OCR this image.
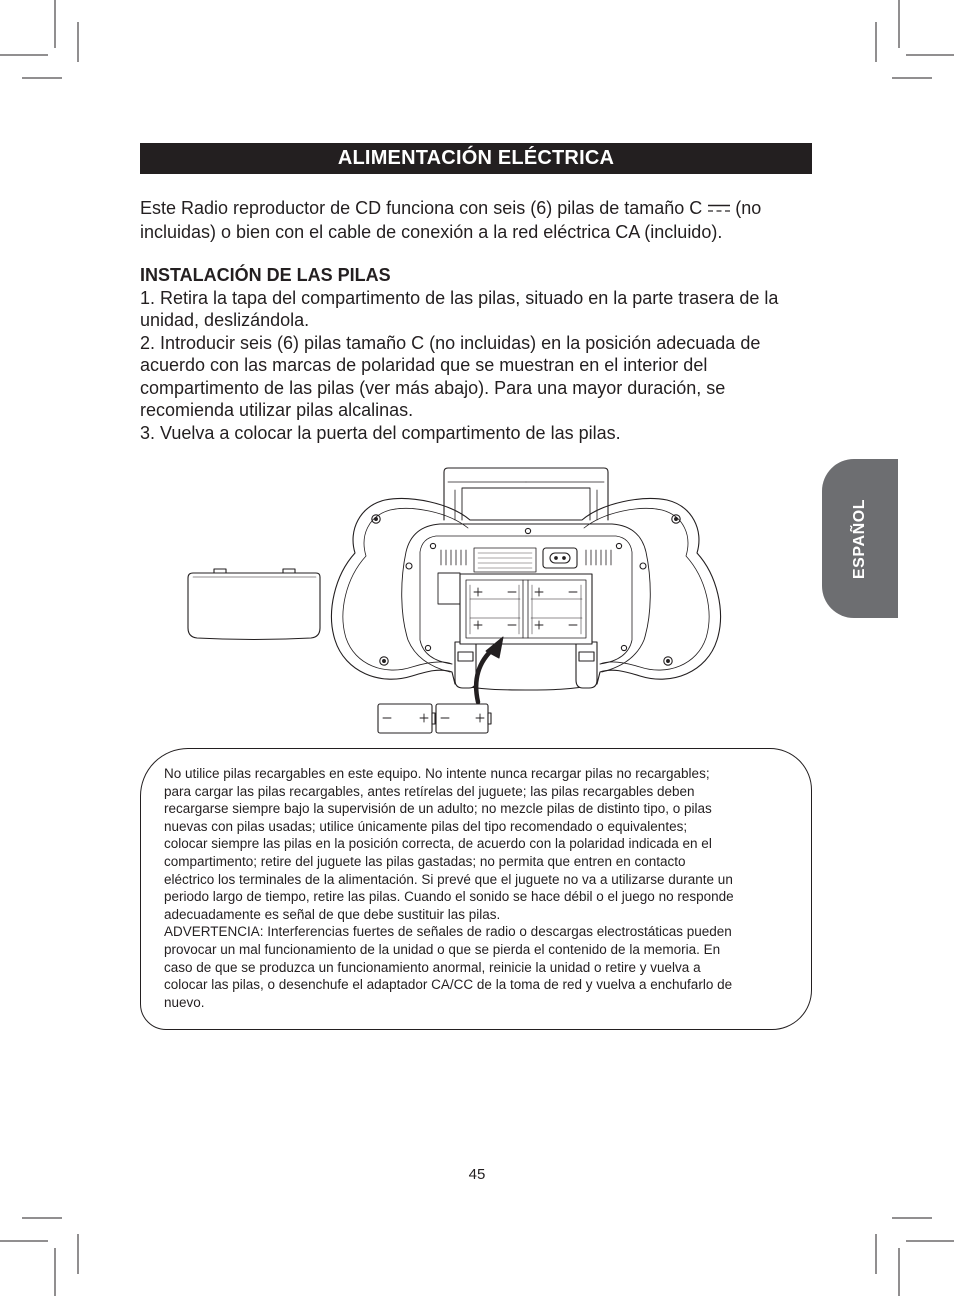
ALIMENTACIÓN ELÉCTRICA
Este Radio reproductor de CD funciona con seis (6) pilas de tamaño C (no
incluidas) o bien con el cable de conexión a la red eléctrica CA (incluido).
INSTALACIÓN DE LAS PILAS
1. Retira la tapa del compartimento de las pilas, situado en la parte trasera de la
unidad, deslizándola.
2. Introducir seis (6) pilas tamaño C (no incluidas) en la posición adecuada de
acuerdo con las marcas de polaridad que se muestran en el interior del
compartimento de las pilas (ver más abajo). Para una mayor duración, se
recomienda utilizar pilas alcalinas.
3. Vuelva a colocar la puerta del compartimento de las pilas.
ESPAÑOL
No utilice pilas recargables en este equipo. No intente nunca recargar pilas no recargables;
para cargar las pilas recargables, antes retírelas del juguete; las pilas recargables deben
recargarse siempre bajo la supervisión de un adulto; no mezcle pilas de distinto tipo, o pilas
nuevas con pilas usadas; utilice únicamente pilas del tipo recomendado o equivalentes;
colocar siempre las pilas en la posición correcta, de acuerdo con la polaridad indicada en el
compartimento; retire del juguete las pilas gastadas; no permita que entren en contacto
eléctrico los terminales de la alimentación. Si prevé que el juguete no va a utilizarse durante un
periodo largo de tiempo, retire las pilas. Cuando el sonido se hace débil o el juego no responde
adecuadamente es señal de que debe sustituir las pilas.
ADVERTENCIA: Interferencias fuertes de señales de radio o descargas electrostáticas pueden
provocar un mal funcionamiento de la unidad o que se pierda el contenido de la memoria. En
caso de que se produzca un funcionamiento anormal, reinicie la unidad o retire y vuelva a
colocar las pilas, o desenchufe el adaptador CA/CC de la toma de red y vuelva a enchufarlo de
nuevo.
45
